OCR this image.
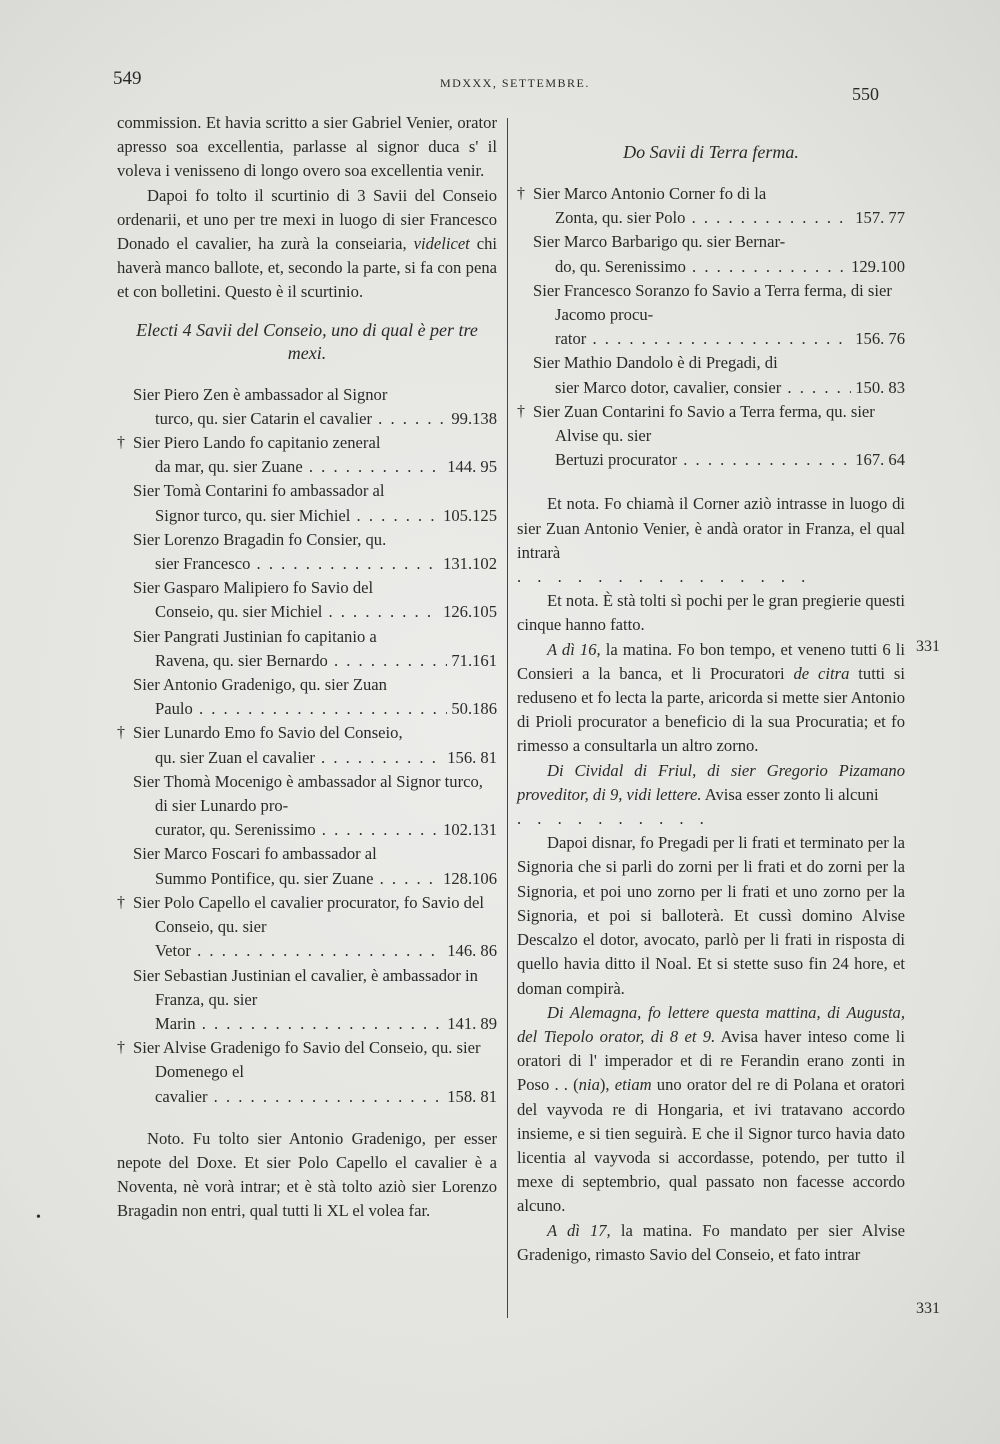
549	MDXXX, SETTEMBRE.
550

commission. Et havia scritto a sier Gabriel Venier, orator apresso soa excellentia, parlasse al signor duca s' il voleva i venisseno di longo overo soa excellentia venir.

Dapoi fo tolto il scurtinio di 3 Savii del Conseio ordenarii, et uno per tre mexi in luogo di sier Francesco Donado el cavalier, ha zurà la conseiaria, videlicet chi haverà manco ballote, et, secondo la parte, si fa con pena et con bolletini. Questo è il scurtinio.

Electi 4 Savii del Conseio, uno di qual è per tre mexi.
Sier Piero Zen è ambassador al Signor
turco, qu. sier Catarin el cavalier . . .	99.138
† Sier Piero Lando fo capitanio zeneral
da mar, qu. sier Zuane . . .	144. 95
Sier Tomà Contarini fo ambassador al
Signor turco, qu. sier Michiel . . .	105.125
Sier Lorenzo Bragadin fo Consier, qu.
sier Francesco . . .	131.102
Sier Gasparo Malipiero fo Savio del
Conseio, qu. sier Michiel . . .	126.105
Sier Pangrati Justinian fo capitanio a
Ravena, qu. sier Bernardo . . .	71.161
Sier Antonio Gradenigo, qu. sier Zuan
Paulo . . .	50.186
† Sier Lunardo Emo fo Savio del Conseio,
qu. sier Zuan el cavalier . . .	156. 81
Sier Thomà Mocenigo è ambassador al Signor turco, di sier Lunardo pro-
curator, qu. Serenissimo . . .	102.131
Sier Marco Foscari fo ambassador al
Summo Pontifice, qu. sier Zuane . . .	128.106
† Sier Polo Capello el cavalier procurator, fo Savio del Conseio, qu. sier
Vetor . . .	146. 86
Sier Sebastian Justinian el cavalier, è ambassador in Franza, qu. sier
Marin . . .	141. 89
† Sier Alvise Gradenigo fo Savio del Conseio, qu. sier Domenego el
cavalier . . .	158. 81

Noto. Fu tolto sier Antonio Gradenigo, per esser nepote del Doxe. Et sier Polo Capello el cavalier è a Noventa, nè vorà intrar; et è stà tolto aziò sier Lorenzo Bragadin non entri, qual tutti li XL el volea far.

Do Savii di Terra ferma.
† Sier Marco Antonio Corner fo di la
Zonta, qu. sier Polo . . .	157. 77
Sier Marco Barbarigo qu. sier Bernar-
do, qu. Serenissimo . . .	129.100
Sier Francesco Soranzo fo Savio a Terra ferma, di sier Jacomo procu-
rator . . .	156. 76
Sier Mathio Dandolo è di Pregadi, di
sier Marco dotor, cavalier, consier . . .	150. 83
† Sier Zuan Contarini fo Savio a Terra ferma, qu. sier Alvise qu. sier
Bertuzi procurator . . .	167. 64

Et nota. Fo chiamà il Corner aziò intrasse in luogo di sier Zuan Antonio Venier, è andà orator in Franza, el qual intrarà

. . . . . . . . . . . . . . .

Et nota. È stà tolti sì pochi per le gran pregierie questi cinque hanno fatto.

A dì 16, la matina. Fo bon tempo, et veneno tutti 6 li Consieri a la banca, et li Procuratori de citra tutti si reduseno et fo lecta la parte, aricorda si mette sier Antonio di Prioli procurator a beneficio di la sua Procuratia; et fo rimesso a consultarla un altro zorno.

Di Cividal di Friul, di sier Gregorio Pizamano proveditor, di 9, vidi lettere. Avisa esser zonto li alcuni

. . . . . . . . . .

Dapoi disnar, fo Pregadi per li frati et terminato per la Signoria che si parli do zorni per li frati et do zorni per la Signoria, et poi uno zorno per li frati et uno zorno per la Signoria, et poi si balloterà. Et cussì domino Alvise Descalzo el dotor, avocato, parlò per li frati in risposta di quello havia ditto il Noal. Et si stette suso fin 24 hore, et doman compirà.

Di Alemagna, fo lettere questa mattina, di Augusta, del Tiepolo orator, di 8 et 9. Avisa haver inteso come li oratori di l' imperador et di re Ferandin erano zonti in Poso . . (nia), etiam uno orator del re di Polana et oratori del vayvoda re di Hongaria, et ivi tratavano accordo insieme, e si tien seguirà. E che il Signor turco havia dato licentia al vayvoda si accordasse, potendo, per tutto il mexe di septembrio, qual passato non facesse accordo alcuno.

A dì 17, la matina. Fo mandato per sier Alvise Gradenigo, rimasto Savio del Conseio, et fato intrar

331
331
•
